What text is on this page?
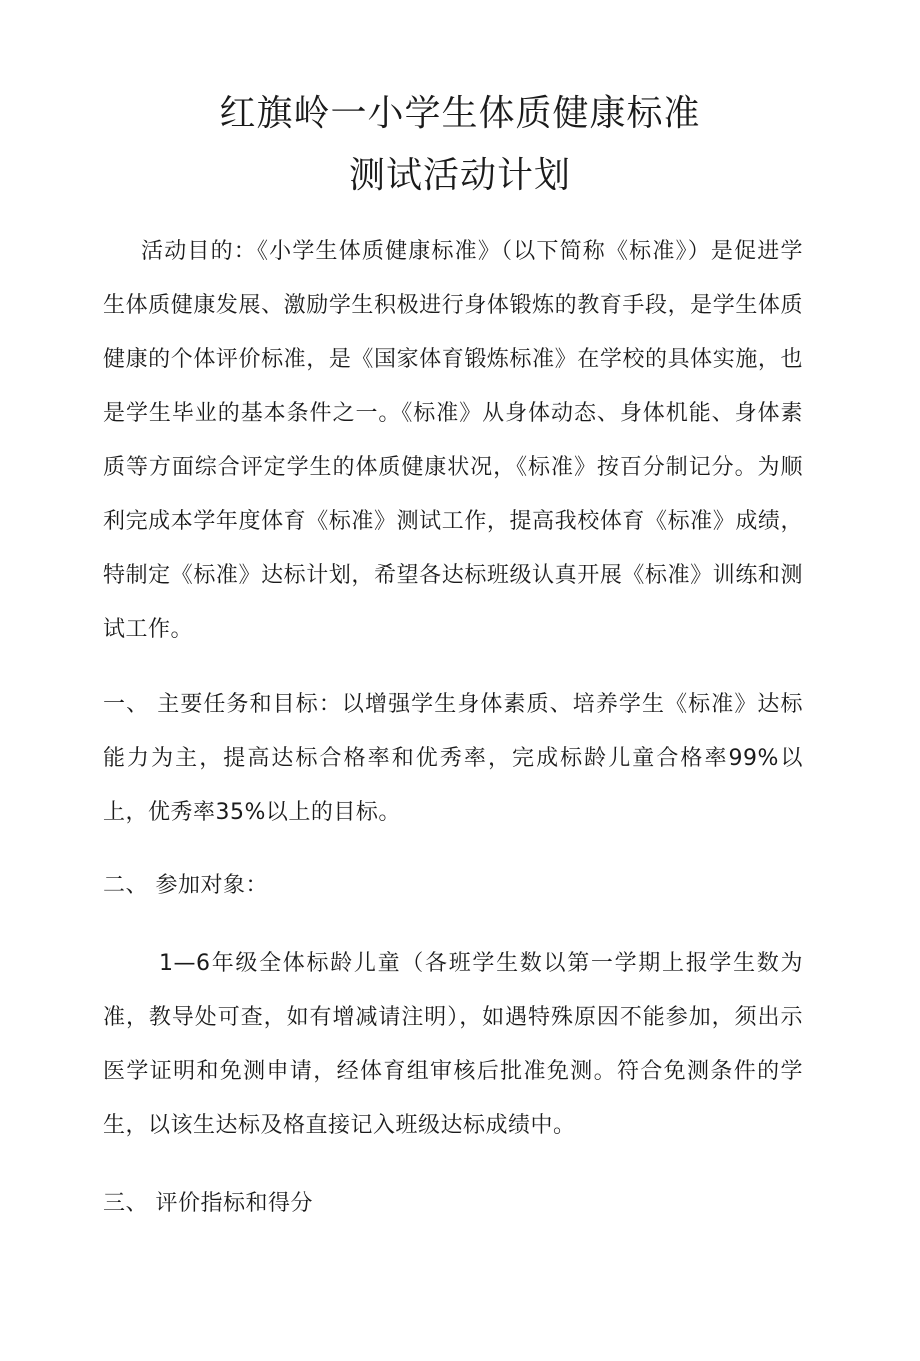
红旗岭一小学生体质健康标准
测试活动计划

活动目的：《小学生体质健康标准》（以下简称《标准》）是促进学生体质健康发展、激励学生积极进行身体锻炼的教育手段，是学生体质健康的个体评价标准，是《国家体育锻炼标准》在学校的具体实施，也是学生毕业的基本条件之一。《标准》从身体动态、身体机能、身体素质等方面综合评定学生的体质健康状况，《标准》按百分制记分。为顺利完成本学年度体育《标准》测试工作，提高我校体育《标准》成绩，特制定《标准》达标计划，希望各达标班级认真开展《标准》训练和测试工作。

一、 主要任务和目标：以增强学生身体素质、培养学生《标准》达标能力为主，提高达标合格率和优秀率，完成标龄儿童合格率99%以上，优秀率35%以上的目标。

二、 参加对象：

1—6年级全体标龄儿童（各班学生数以第一学期上报学生数为准，教导处可查，如有增减请注明），如遇特殊原因不能参加，须出示医学证明和免测申请，经体育组审核后批准免测。符合免测条件的学生，以该生达标及格直接记入班级达标成绩中。

三、 评价指标和得分
